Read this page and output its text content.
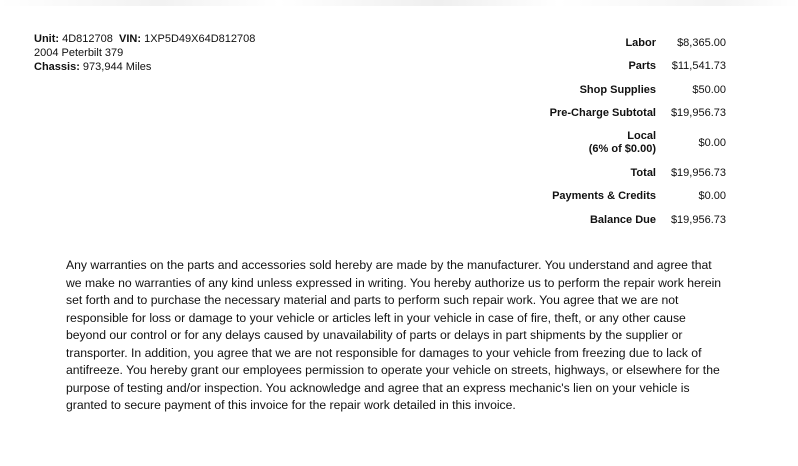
Unit: 4D812708 VIN: 1XP5D49X64D812708
2004 Peterbilt 379
Chassis: 973,944 Miles
Labor	$8,365.00
Parts	$11,541.73
Shop Supplies	$50.00
Pre-Charge Subtotal	$19,956.73

Local
(6% of $0.00)	$0.00
Total	$19,956.73
Payments & Credits	$0.00
Balance Due	$19,956.73

Any warranties on the parts and accessories sold hereby are made by the manufacturer. You understand and agree that we make no warranties of any kind unless expressed in writing. You hereby authorize us to perform the repair work herein set forth and to purchase the necessary material and parts to perform such repair work. You agree that we are not responsible for loss or damage to your vehicle or articles left in your vehicle in case of fire, theft, or any other cause beyond our control or for any delays caused by unavailability of parts or delays in part shipments by the supplier or transporter. In addition, you agree that we are not responsible for damages to your vehicle from freezing due to lack of antifreeze. You hereby grant our employees permission to operate your vehicle on streets, highways, or elsewhere for the purpose of testing and/or inspection. You acknowledge and agree that an express mechanic's lien on your vehicle is granted to secure payment of this invoice for the repair work detailed in this invoice.
